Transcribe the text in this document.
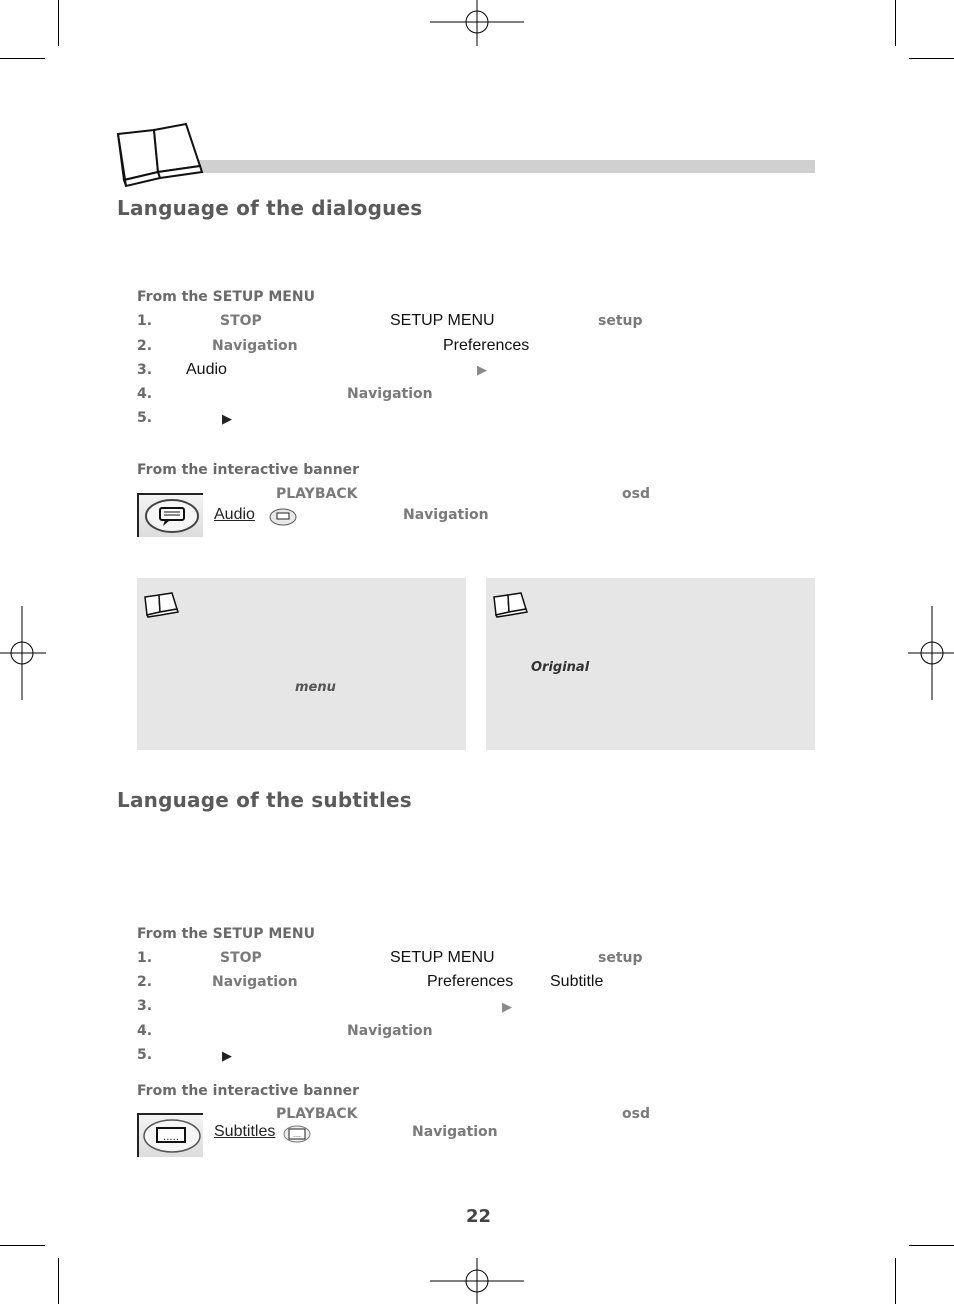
Language of the dialogues
From the SETUP MENU
1.	STOP	SETUP MENU	setup
2.	Navigation	Preferences
3. Audio	▶
4.	Navigation
5.	▶
From the interactive banner
PLAYBACK	osd
Audio	Navigation
menu
Original
Language of the subtitles
From the SETUP MENU
1.	STOP	SETUP MENU	setup
2.	Navigation	Preferences Subtitle
3.	▶
4.	Navigation
5.	▶
From the interactive banner
.....
PLAYBACK	osd
Subtitles	....	Navigation
22
